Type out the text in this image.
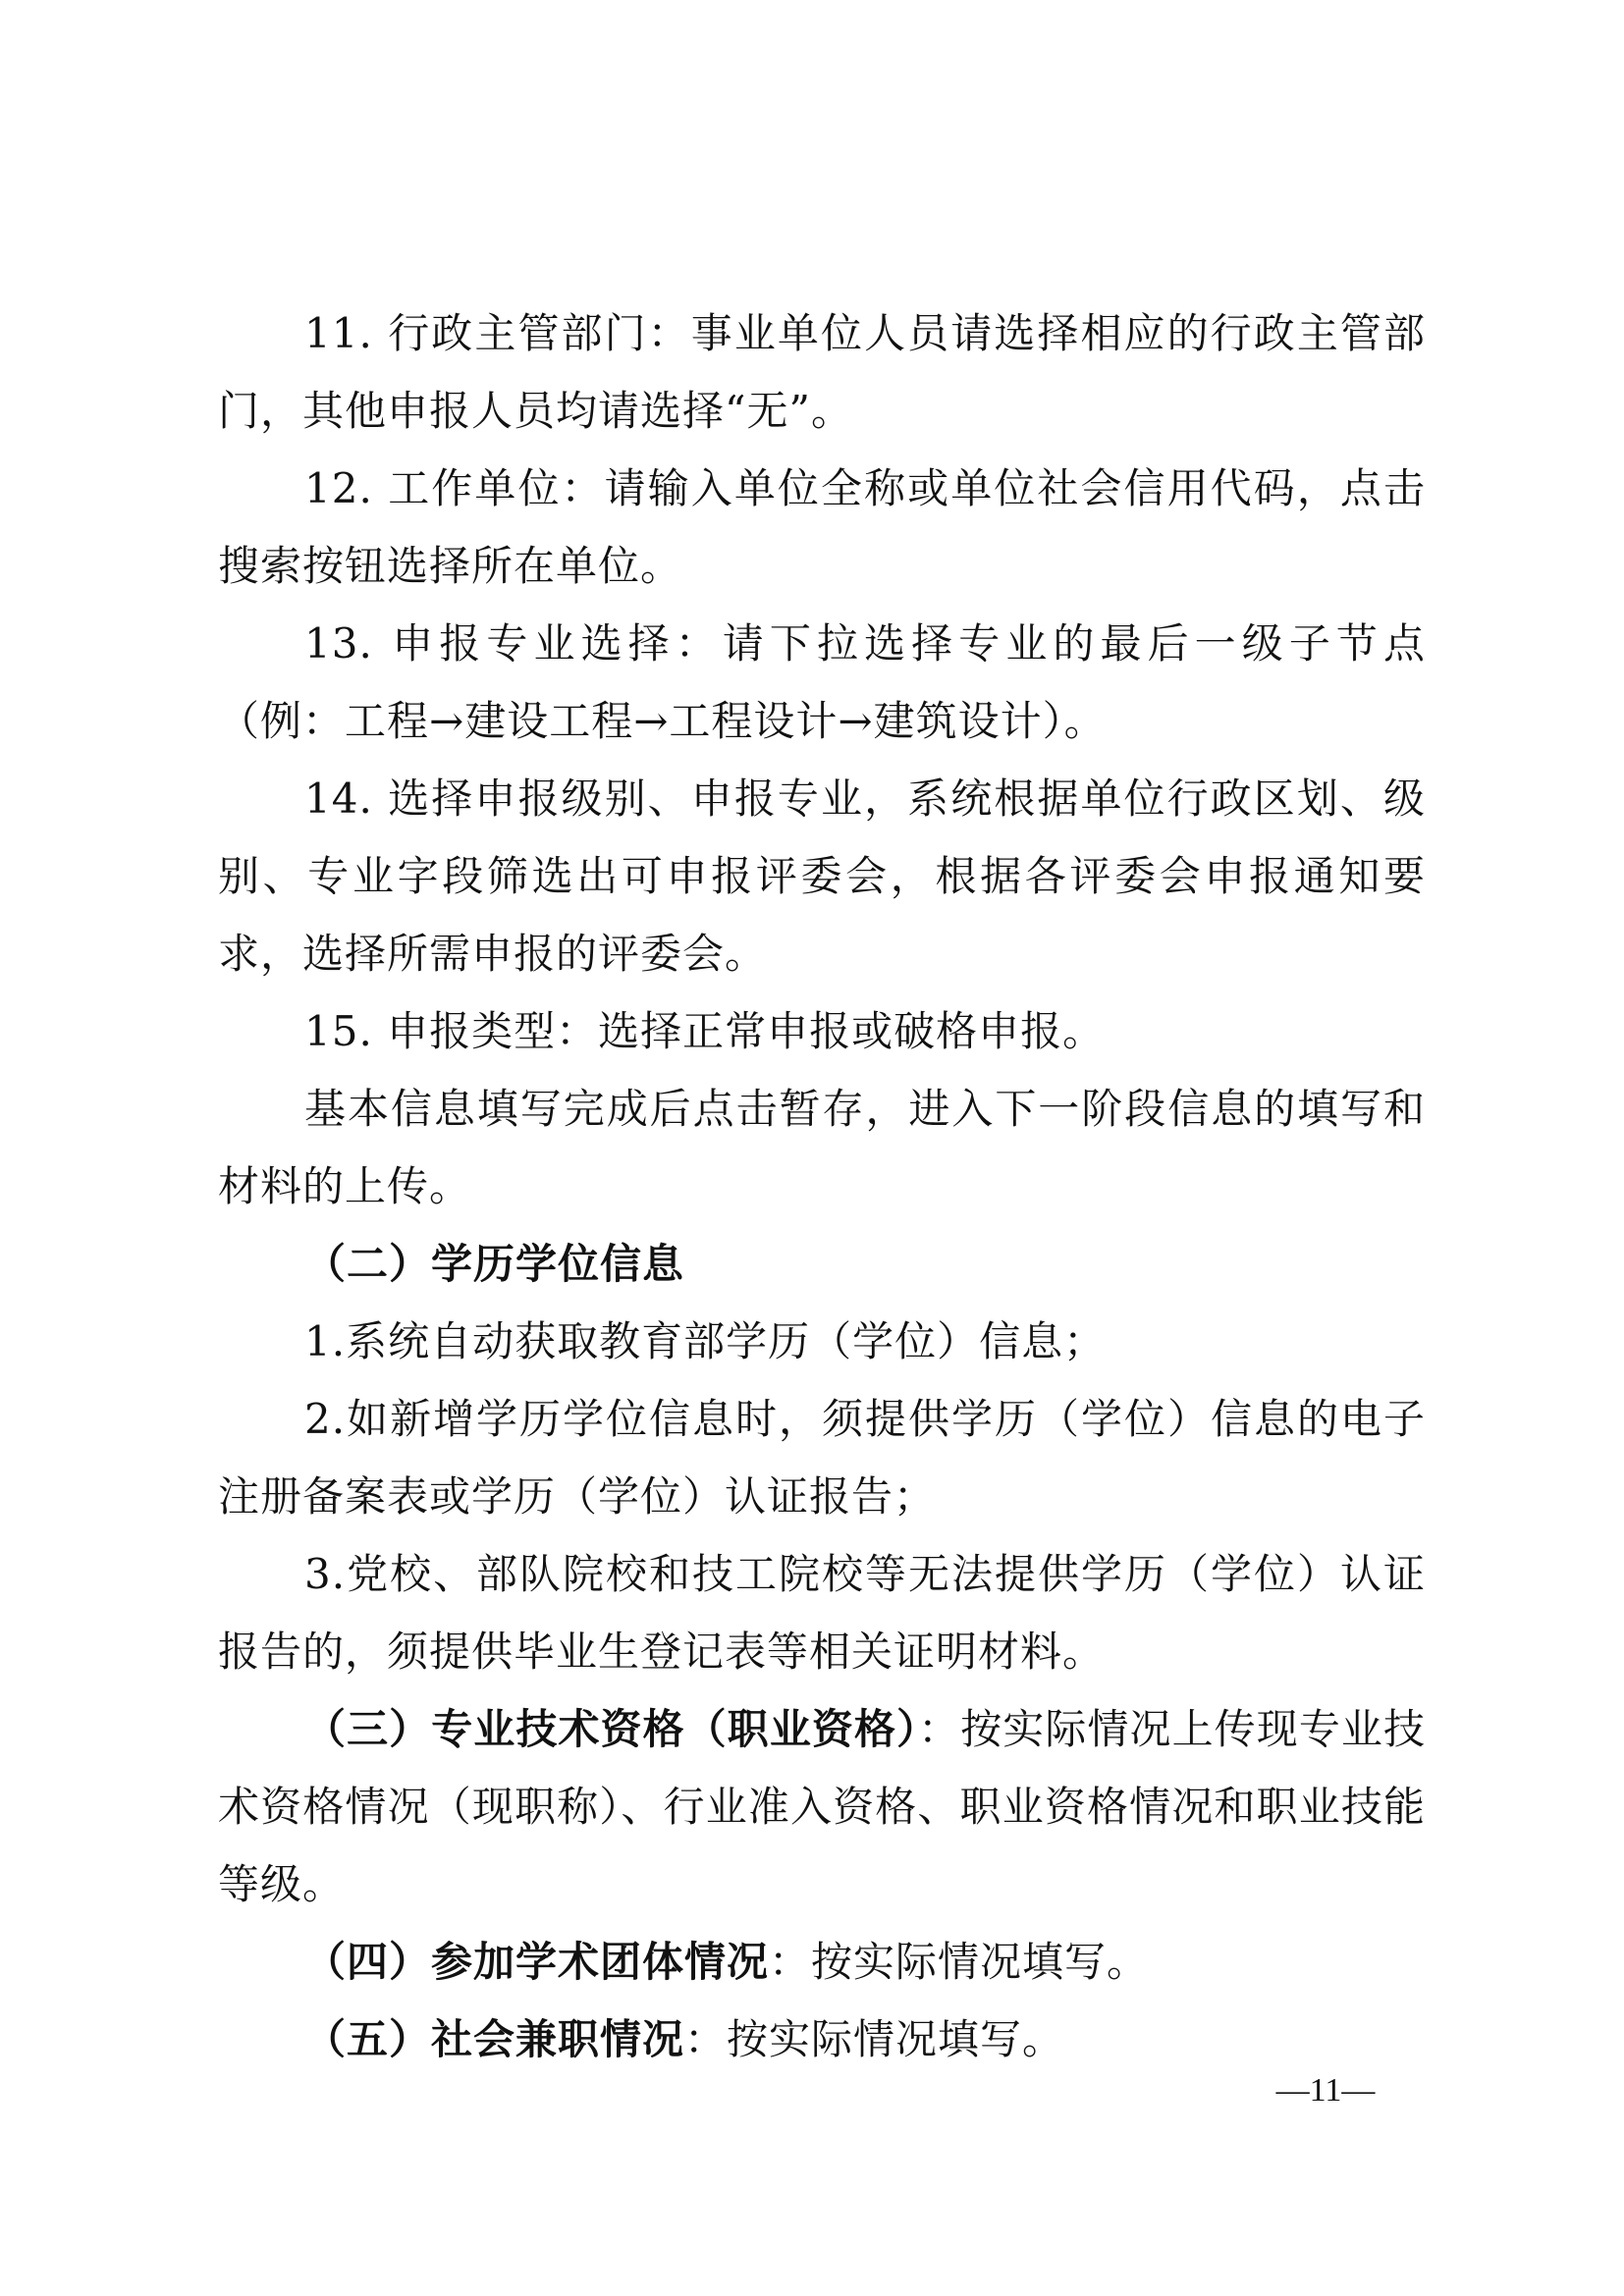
11. 行政主管部门：事业单位人员请选择相应的行政主管部门，其他申报人员均请选择“无”。

12. 工作单位：请输入单位全称或单位社会信用代码，点击搜索按钮选择所在单位。

13. 申报专业选择：请下拉选择专业的最后一级子节点（例：工程→建设工程→工程设计→建筑设计）。

14. 选择申报级别、申报专业，系统根据单位行政区划、级别、专业字段筛选出可申报评委会，根据各评委会申报通知要求，选择所需申报的评委会。

15. 申报类型：选择正常申报或破格申报。

基本信息填写完成后点击暂存，进入下一阶段信息的填写和材料的上传。

（二）学历学位信息

1.系统自动获取教育部学历（学位）信息；

2.如新增学历学位信息时，须提供学历（学位）信息的电子注册备案表或学历（学位）认证报告；

3.党校、部队院校和技工院校等无法提供学历（学位）认证报告的，须提供毕业生登记表等相关证明材料。

（三）专业技术资格（职业资格）：按实际情况上传现专业技术资格情况（现职称）、行业准入资格、职业资格情况和职业技能等级。

（四）参加学术团体情况：按实际情况填写。

（五）社会兼职情况：按实际情况填写。

—11—
